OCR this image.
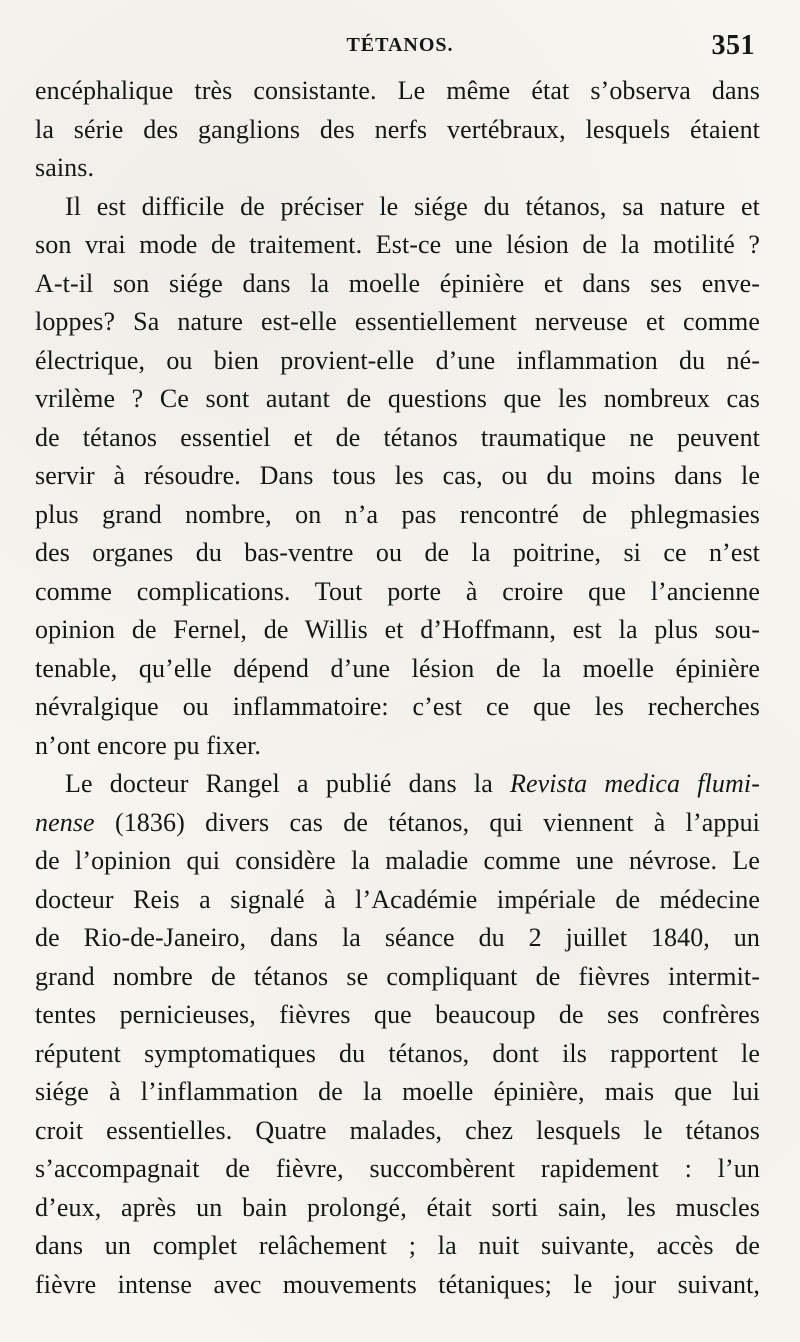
TÉTANOS.	351
encéphalique très consistante. Le même état s’observa dans
la série des ganglions des nerfs vertébraux, lesquels étaient
sains.
Il est difficile de préciser le siége du tétanos, sa nature et
son vrai mode de traitement. Est-ce une lésion de la motilité ?
A-t-il son siége dans la moelle épinière et dans ses enve-
loppes? Sa nature est-elle essentiellement nerveuse et comme
électrique, ou bien provient-elle d’une inflammation du né-
vrilème ? Ce sont autant de questions que les nombreux cas
de tétanos essentiel et de tétanos traumatique ne peuvent
servir à résoudre. Dans tous les cas, ou du moins dans le
plus grand nombre, on n’a pas rencontré de phlegmasies
des organes du bas-ventre ou de la poitrine, si ce n’est
comme complications. Tout porte à croire que l’ancienne
opinion de Fernel, de Willis et d’Hoffmann, est la plus sou-
tenable, qu’elle dépend d’une lésion de la moelle épinière
névralgique ou inflammatoire: c’est ce que les recherches
n’ont encore pu fixer.
Le docteur Rangel a publié dans la Revista medica flumi-
nense (1836) divers cas de tétanos, qui viennent à l’appui
de l’opinion qui considère la maladie comme une névrose. Le
docteur Reis a signalé à l’Académie impériale de médecine
de Rio-de-Janeiro, dans la séance du 2 juillet 1840, un
grand nombre de tétanos se compliquant de fièvres intermit-
tentes pernicieuses, fièvres que beaucoup de ses confrères
réputent symptomatiques du tétanos, dont ils rapportent le
siége à l’inflammation de la moelle épinière, mais que lui
croit essentielles. Quatre malades, chez lesquels le tétanos
s’accompagnait de fièvre, succombèrent rapidement : l’un
d’eux, après un bain prolongé, était sorti sain, les muscles
dans un complet relâchement ; la nuit suivante, accès de
fièvre intense avec mouvements tétaniques; le jour suivant,
